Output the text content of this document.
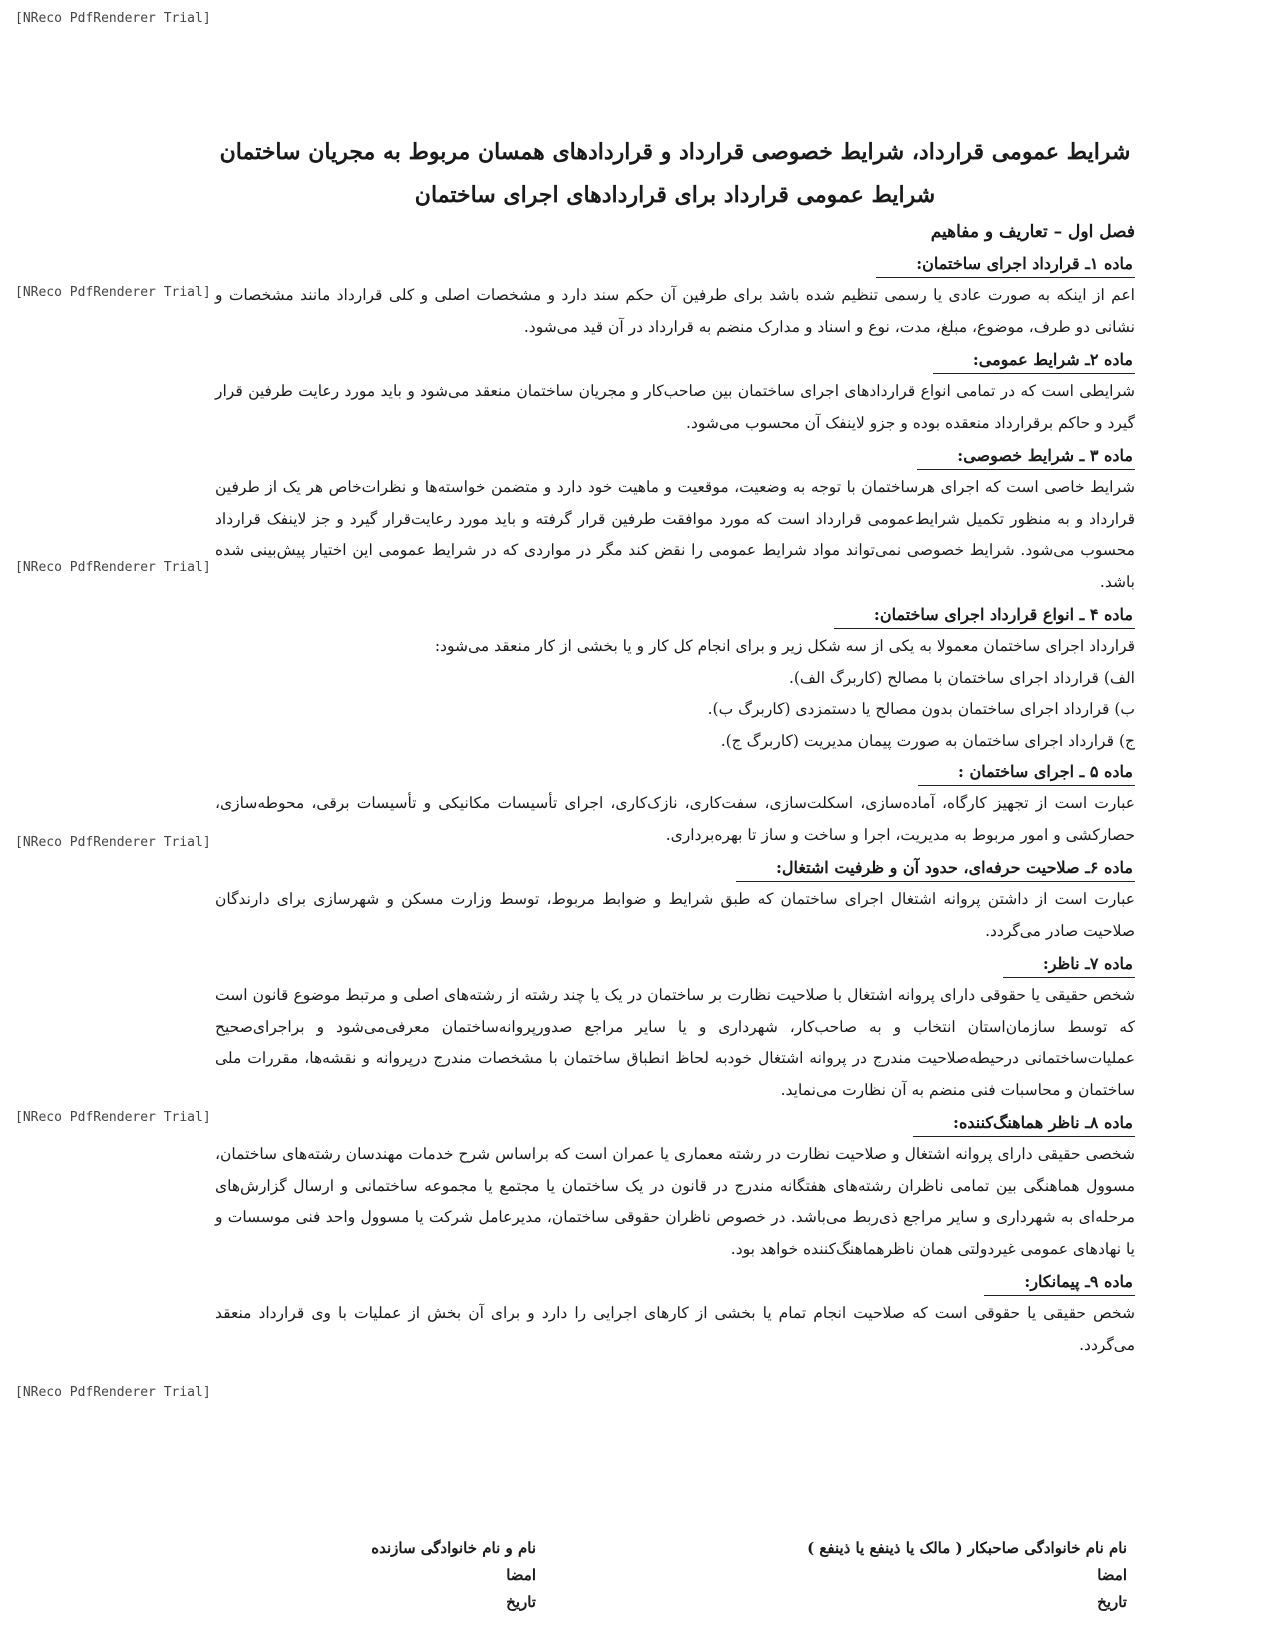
[NReco PdfRenderer Trial]
[NReco PdfRenderer Trial]
[NReco PdfRenderer Trial]
[NReco PdfRenderer Trial]
[NReco PdfRenderer Trial]
[NReco PdfRenderer Trial]
شرایط عمومی قرارداد، شرایط خصوصی قرارداد و قراردادهای همسان مربوط به مجریان ساختمان
شرایط عمومی قرارداد برای قراردادهای اجرای ساختمان
فصل اول – تعاریف و مفاهیم
ماده ۱ـ قرارداد اجرای ساختمان:

اعم از اینکه به صورت عادی یا رسمی تنظیم شده باشد برای طرفین آن حکم سند دارد و مشخصات اصلی و کلی قرارداد مانند مشخصات و نشانی دو طرف، موضوع، مبلغ، مدت، نوع و اسناد و مدارک منضم به قرارداد در آن قید می‌شود.

ماده ۲ـ شرایط عمومی:

شرایطی است که در تمامی انواع قراردادهای اجرای ساختمان بین صاحب‌کار و مجریان ساختمان منعقد می‌شود و باید مورد رعایت طرفین قرار گیرد و حاکم برقرارداد منعقده بوده و جزو لاینفک آن محسوب می‌شود.

ماده ۳ ـ شرایط خصوصی:

شرایط خاصی است که اجرای هرساختمان با توجه به وضعیت، موقعیت و ماهیت خود دارد و متضمن خواسته‌ها و نظرات‌خاص هر یک از طرفین قرارداد و به منظور تکمیل شرایط‌عمومی قرارداد است که مورد موافقت طرفین قرار گرفته و باید مورد رعایت‌قرار گیرد و جز لاینفک قرارداد محسوب می‌شود. شرایط خصوصی نمی‌تواند مواد شرایط عمومی را نقض کند مگر در مواردی که در شرایط عمومی این اختیار پیش‌بینی شده باشد.

ماده ۴ ـ انواع قرارداد اجرای ساختمان:

قرارداد اجرای ساختمان معمولا به یکی از سه شکل زیر و برای انجام کل کار و یا بخشی از کار منعقد می‌شود:

الف) قرارداد اجرای ساختمان با مصالح (کاربرگ الف).

ب) قرارداد اجرای ساختمان بدون مصالح یا دستمزدی (کاربرگ ب).

ج) قرارداد اجرای ساختمان به صورت پیمان مدیریت (کاربرگ ج).

ماده ۵ ـ اجرای ساختمان :

عبارت است از تجهیز کارگاه، آماده‌سازی، اسکلت‌سازی، سفت‌کاری، نازک‌کاری، اجرای تأسیسات مکانیکی و تأسیسات برقی، محوطه‌سازی، حصارکشی و امور مربوط به مدیریت، اجرا و ساخت و ساز تا بهره‌برداری.

ماده ۶ـ صلاحیت حرفه‌ای، حدود آن و ظرفیت اشتغال:

عبارت است از داشتن پروانه اشتغال اجرای ساختمان که طبق شرایط و ضوابط مربوط، توسط وزارت مسکن و شهرسازی برای دارندگان صلاحیت صادر می‌گردد.

ماده ۷ـ ناظر:

شخص حقیقی یا حقوقی دارای پروانه اشتغال با صلاحیت نظارت بر ساختمان در یک یا چند رشته از رشته‌های اصلی و مرتبط موضوع قانون است که توسط سازمان‌استان انتخاب و به صاحب‌کار، شهرداری و یا سایر مراجع صدورپروانه‌ساختمان معرفی‌می‌شود و براجرای‌صحیح عملیات‌ساختمانی درحیطه‌صلاحیت مندرج در پروانه اشتغال خودبه لحاظ انطباق ساختمان با مشخصات مندرج درپروانه و نقشه‌ها، مقررات ملی ساختمان و محاسبات فنی منضم به آن نظارت می‌نماید.

ماده ۸ـ ناظر هماهنگ‌کننده:

شخصی حقیقی دارای پروانه اشتغال و صلاحیت نظارت در رشته معماری یا عمران است که براساس شرح خدمات مهندسان رشته‌های ساختمان، مسوول هماهنگی بین تمامی ناظران رشته‌های هفتگانه مندرج در قانون در یک ساختمان یا مجتمع یا مجموعه ساختمانی و ارسال گزارش‌های مرحله‌ای به شهرداری و سایر مراجع ذی‌ربط می‌باشد. در خصوص ناظران حقوقی ساختمان، مدیرعامل شرکت یا مسوول واحد فنی موسسات و یا نهادهای عمومی غیردولتی همان ناظرهماهنگ‌کننده خواهد بود.

ماده ۹ـ پیمانکار:

شخص حقیقی یا حقوقی است که صلاحیت انجام تمام یا بخشی از کارهای اجرایی را دارد و برای آن بخش از عملیات با وی قرارداد منعقد می‌گردد.

نام نام خانوادگی صاحبکار ( مالک یا ذینفع یا ذینفع )
امضا
تاریخ
نام و نام خانوادگی سازنده
امضا
تاریخ
